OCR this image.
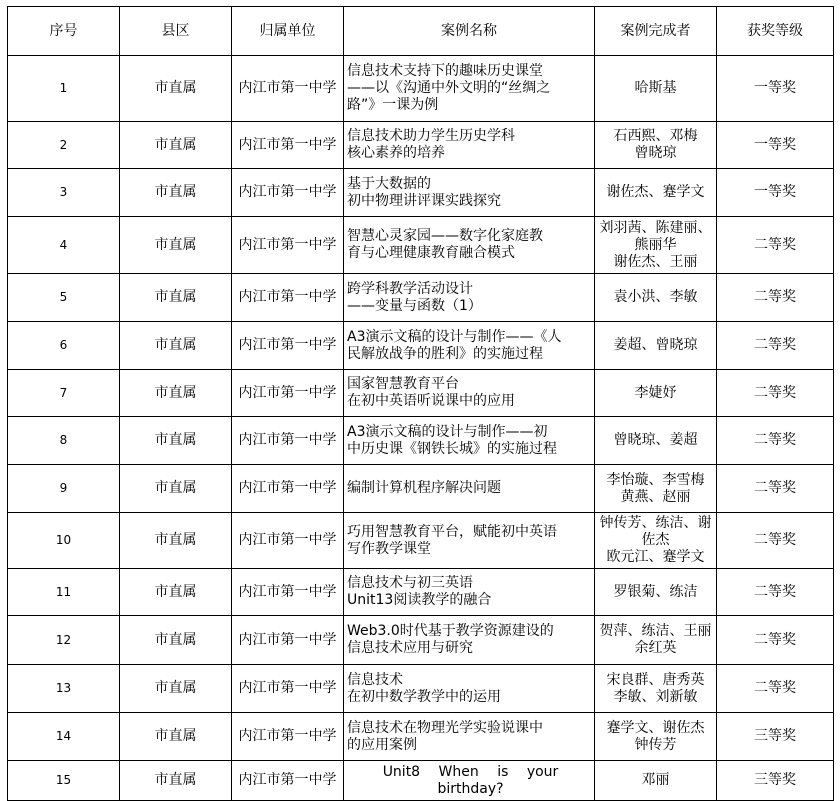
序号	县区	归属单位	案例名称	案例完成者	获奖等级
1	市直属	内江市第一中学	信息技术支持下的趣味历史课堂
——以《沟通中外文明的“丝绸之
路”》一课为例	哈斯基	一等奖
2	市直属	内江市第一中学	信息技术助力学生历史学科
核心素养的培养	石西熙、邓梅
曾晓琼	一等奖
3	市直属	内江市第一中学	基于大数据的
初中物理讲评课实践探究	谢佐杰、蹇学文	一等奖
4	市直属	内江市第一中学	智慧心灵家园——数字化家庭教
育与心理健康教育融合模式	刘羽茜、陈建丽、
熊丽华
谢佐杰、王丽	二等奖
5	市直属	内江市第一中学	跨学科教学活动设计
——变量与函数（1）	袁小洪、李敏	二等奖
6	市直属	内江市第一中学	A3演示文稿的设计与制作——《人
民解放战争的胜利》的实施过程	姜超、曾晓琼	二等奖
7	市直属	内江市第一中学	国家智慧教育平台
在初中英语听说课中的应用	李婕妤	二等奖
8	市直属	内江市第一中学	A3演示文稿的设计与制作——初
中历史课《钢铁长城》的实施过程	曾晓琼、姜超	二等奖
9	市直属	内江市第一中学	编制计算机程序解决问题	李怡璇、李雪梅
黄燕、赵丽	二等奖
10	市直属	内江市第一中学	巧用智慧教育平台，赋能初中英语
写作教学课堂	钟传芳、练洁、谢
佐杰
欧元江、蹇学文	二等奖
11	市直属	内江市第一中学	信息技术与初三英语
Unit13阅读教学的融合	罗银菊、练洁	二等奖
12	市直属	内江市第一中学	Web3.0时代基于教学资源建设的
信息技术应用与研究	贺萍、练洁、王丽
余红英	二等奖
13	市直属	内江市第一中学	信息技术
在初中数学教学中的运用	宋良群、唐秀英
李敏、刘新敏	二等奖
14	市直属	内江市第一中学	信息技术在物理光学实验说课中
的应用案例	蹇学文、谢佐杰
钟传芳	三等奖
15	市直属	内江市第一中学	Unit8 When is your birthday?	邓丽	三等奖
